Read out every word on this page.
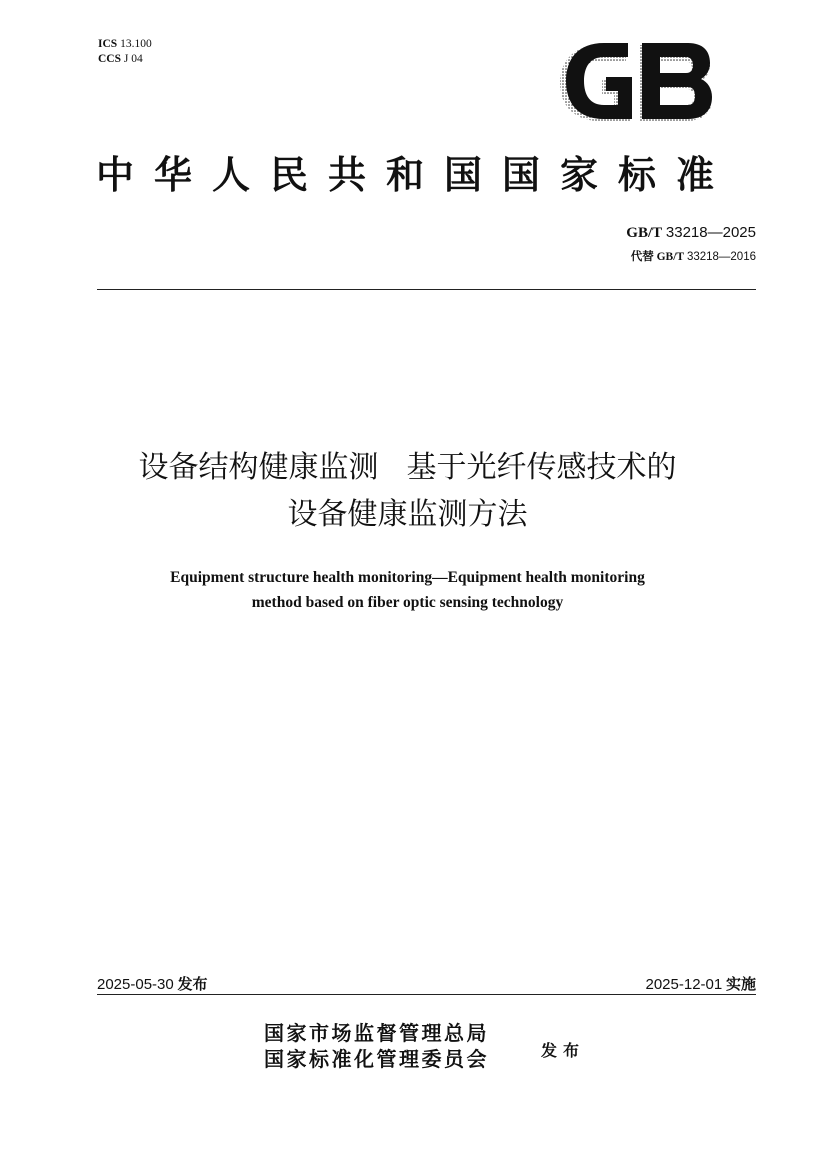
ICS 13.100
CCS J 04
中华人民共和国国家标准
GB/T 33218—2025
代替 GB/T 33218—2016
设备结构健康监测 基于光纤传感技术的
设备健康监测方法
Equipment structure health monitoring—Equipment health monitoring
method based on fiber optic sensing technology
2025-05-30 发布	2025-12-01 实施
国家市场监督管理总局
国家标准化管理委员会	发布
